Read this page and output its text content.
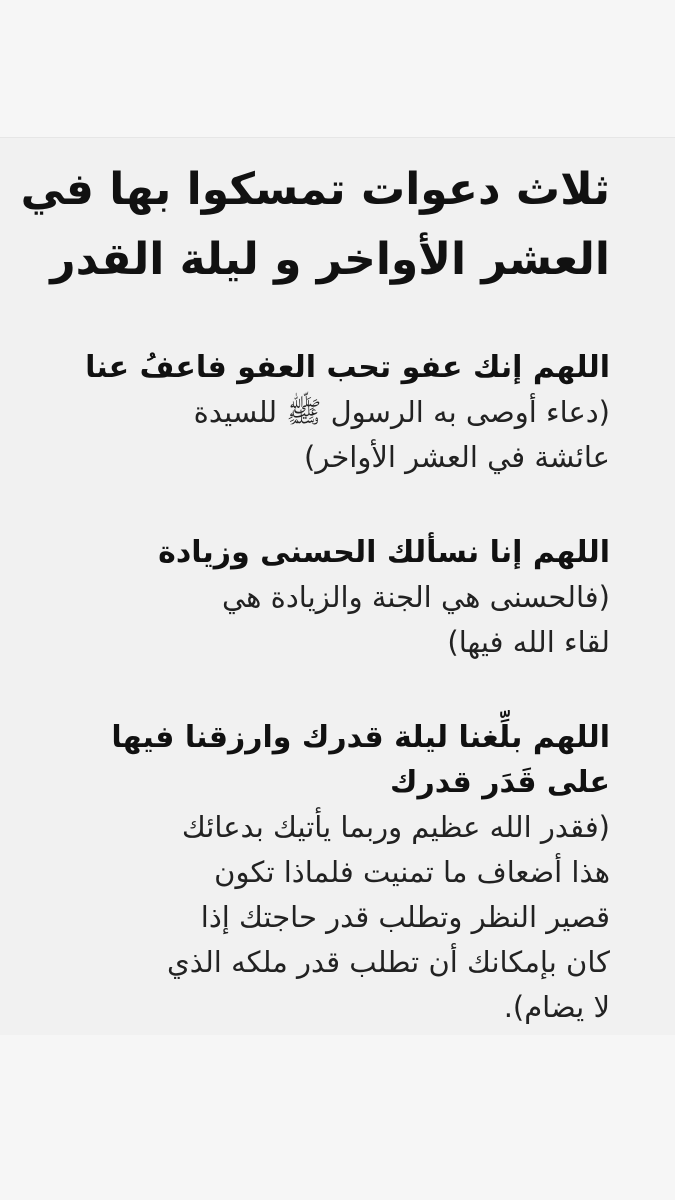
ثلاث دعوات تمسكوا بها في
العشر الأواخر و ليلة القدر
اللهم إنك عفو تحب العفو فاعفُ عنا
(دعاء أوصى به الرسول ﷺ للسيدة
عائشة في العشر الأواخر)
اللهم إنا نسألك الحسنى وزيادة
(فالحسنى هي الجنة والزيادة هي
لقاء الله فيها)
اللهم بلِّغنا ليلة قدرك وارزقنا فيها
على قَدَر قدرك
(فقدر الله عظيم وربما يأتيك بدعائك
هذا أضعاف ما تمنيت فلماذا تكون
قصير النظر وتطلب قدر حاجتك إذا
كان بإمكانك أن تطلب قدر ملكه الذي
لا يضام).
